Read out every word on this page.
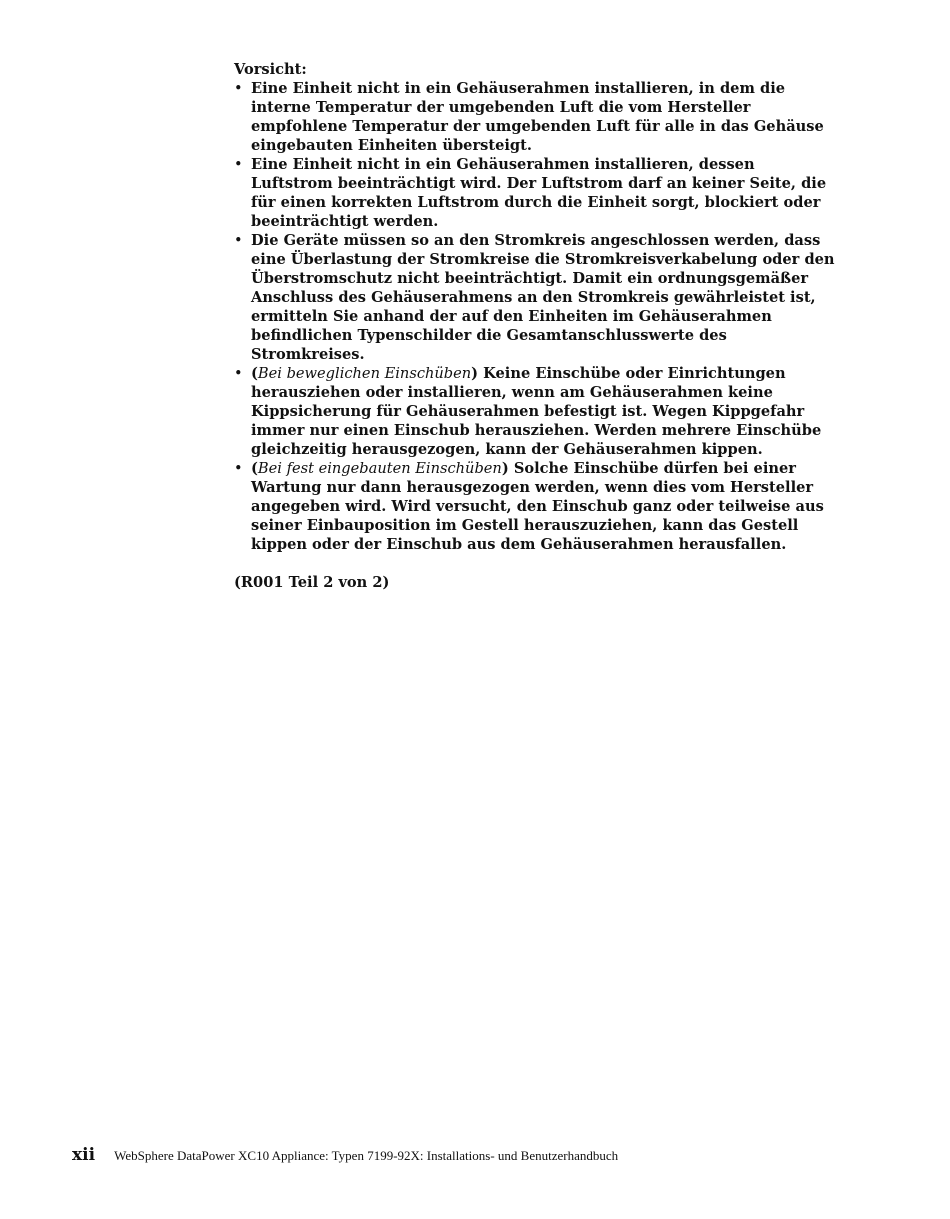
Vorsicht:

• Eine Einheit nicht in ein Gehäuserahmen installieren, in dem die interne Temperatur der umgebenden Luft die vom Hersteller empfohlene Temperatur der umgebenden Luft für alle in das Gehäuse eingebauten Einheiten übersteigt.
• Eine Einheit nicht in ein Gehäuserahmen installieren, dessen Luftstrom beeinträchtigt wird. Der Luftstrom darf an keiner Seite, die für einen korrekten Luftstrom durch die Einheit sorgt, blockiert oder beeinträchtigt werden.
• Die Geräte müssen so an den Stromkreis angeschlossen werden, dass eine Überlastung der Stromkreise die Stromkreisverkabelung oder den Überstromschutz nicht beeinträchtigt. Damit ein ordnungsgemäßer Anschluss des Gehäuserahmens an den Stromkreis gewährleistet ist, ermitteln Sie anhand der auf den Einheiten im Gehäuserahmen befindlichen Typenschilder die Gesamtanschlusswerte des Stromkreises.
• (Bei beweglichen Einschüben) Keine Einschübe oder Einrichtungen herausziehen oder installieren, wenn am Gehäuserahmen keine Kippsicherung für Gehäuserahmen befestigt ist. Wegen Kippgefahr immer nur einen Einschub herausziehen. Werden mehrere Einschübe gleichzeitig herausgezogen, kann der Gehäuserahmen kippen.
• (Bei fest eingebauten Einschüben) Solche Einschübe dürfen bei einer Wartung nur dann herausgezogen werden, wenn dies vom Hersteller angegeben wird. Wird versucht, den Einschub ganz oder teilweise aus seiner Einbauposition im Gestell herauszuziehen, kann das Gestell kippen oder der Einschub aus dem Gehäuserahmen herausfallen.

(R001 Teil 2 von 2)

xii WebSphere DataPower XC10 Appliance: Typen 7199-92X: Installations- und Benutzerhandbuch
